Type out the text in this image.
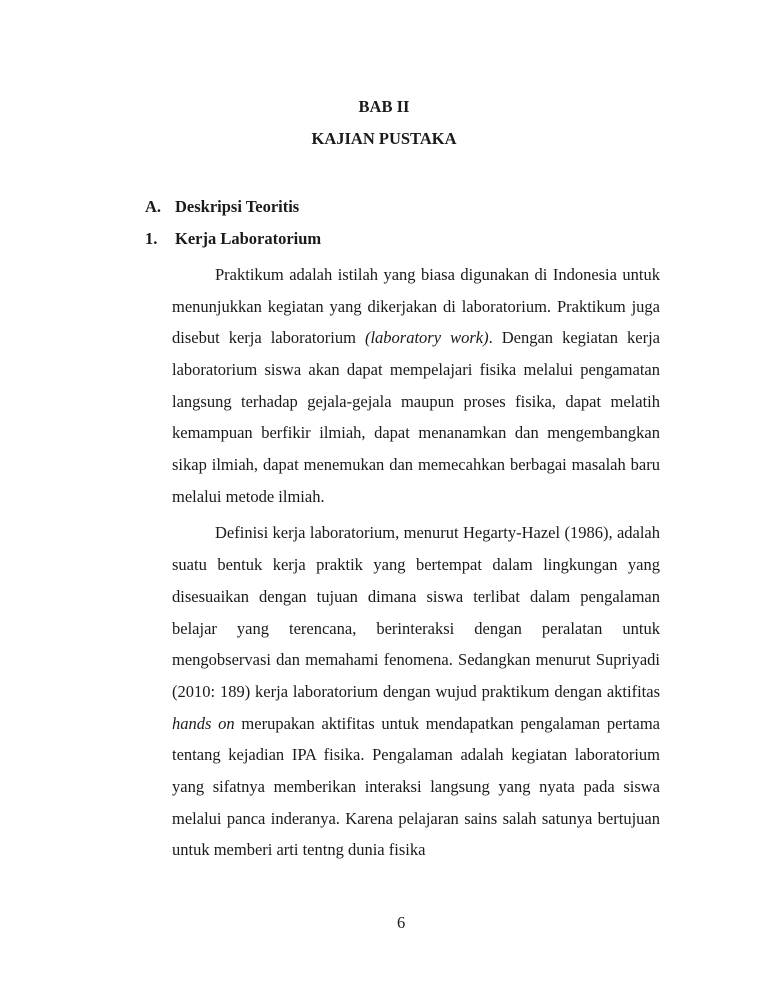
BAB II
KAJIAN PUSTAKA
A. Deskripsi Teoritis
1.	Kerja Laboratorium

Praktikum adalah istilah yang biasa digunakan di Indonesia untuk menunjukkan kegiatan yang dikerjakan di laboratorium. Praktikum juga disebut kerja laboratorium (laboratory work). Dengan kegiatan kerja laboratorium siswa akan dapat mempelajari fisika melalui pengamatan langsung terhadap gejala-gejala maupun proses fisika, dapat melatih kemampuan berfikir ilmiah, dapat menanamkan dan mengembangkan sikap ilmiah, dapat menemukan dan memecahkan berbagai masalah baru melalui metode ilmiah.

Definisi kerja laboratorium, menurut Hegarty-Hazel (1986), adalah suatu bentuk kerja praktik yang bertempat dalam lingkungan yang disesuaikan dengan tujuan dimana siswa terlibat dalam pengalaman belajar yang terencana, berinteraksi dengan peralatan untuk mengobservasi dan memahami fenomena. Sedangkan menurut Supriyadi (2010: 189) kerja laboratorium dengan wujud praktikum dengan aktifitas hands on merupakan aktifitas untuk mendapatkan pengalaman pertama tentang kejadian IPA fisika. Pengalaman adalah kegiatan laboratorium yang sifatnya memberikan interaksi langsung yang nyata pada siswa melalui panca inderanya. Karena pelajaran sains salah satunya bertujuan untuk memberi arti tentng dunia fisika

6
